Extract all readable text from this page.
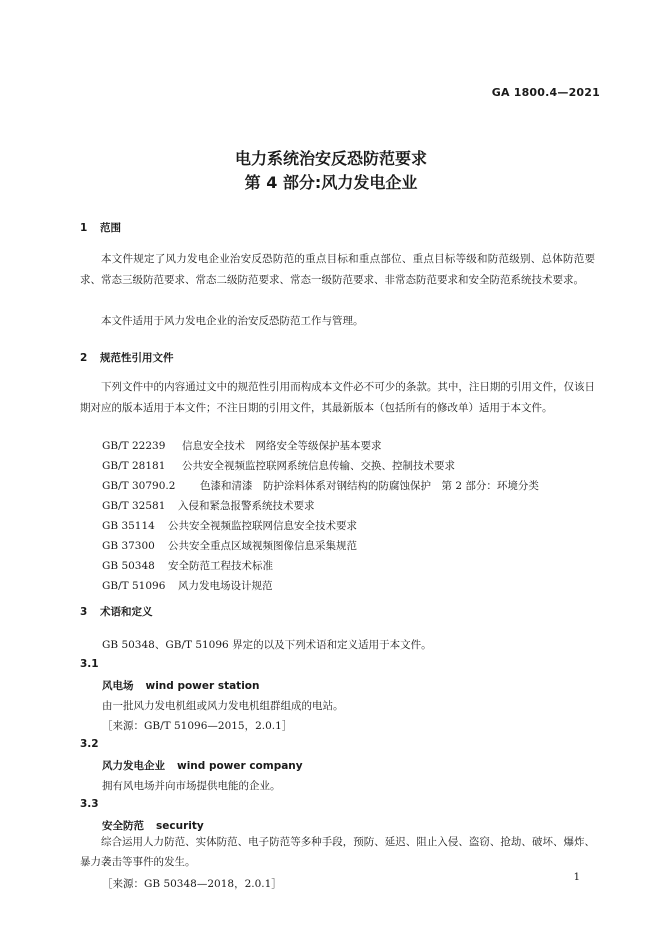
GA 1800.4—2021
电力系统治安反恐防范要求
第 4 部分:风力发电企业
1 范围

本文件规定了风力发电企业治安反恐防范的重点目标和重点部位、重点目标等级和防范级别、总体防范要求、常态三级防范要求、常态二级防范要求、常态一级防范要求、非常态防范要求和安全防范系统技术要求。

本文件适用于风力发电企业的治安反恐防范工作与管理。

2 规范性引用文件

下列文件中的内容通过文中的规范性引用而构成本文件必不可少的条款。其中，注日期的引用文件，仅该日期对应的版本适用于本文件；不注日期的引用文件，其最新版本（包括所有的修改单）适用于本文件。

GB/T 22239 信息安全技术　网络安全等级保护基本要求
GB/T 28181 公共安全视频监控联网系统信息传输、交换、控制技术要求
GB/T 30790.2 色漆和清漆　防护涂料体系对钢结构的防腐蚀保护　第 2 部分：环境分类
GB/T 32581 入侵和紧急报警系统技术要求
GB 35114 公共安全视频监控联网信息安全技术要求
GB 37300 公共安全重点区域视频图像信息采集规范
GB 50348 安全防范工程技术标准
GB/T 51096 风力发电场设计规范
3 术语和定义
GB 50348、GB/T 51096 界定的以及下列术语和定义适用于本文件。
3.1
风电场 wind power station
由一批风力发电机组或风力发电机组群组成的电站。
［来源：GB/T 51096—2015，2.0.1］
3.2
风力发电企业 wind power company
拥有风电场并向市场提供电能的企业。
3.3
安全防范 security

综合运用人力防范、实体防范、电子防范等多种手段，预防、延迟、阻止入侵、盗窃、抢劫、破坏、爆炸、暴力袭击等事件的发生。

［来源：GB 50348—2018，2.0.1］
1
